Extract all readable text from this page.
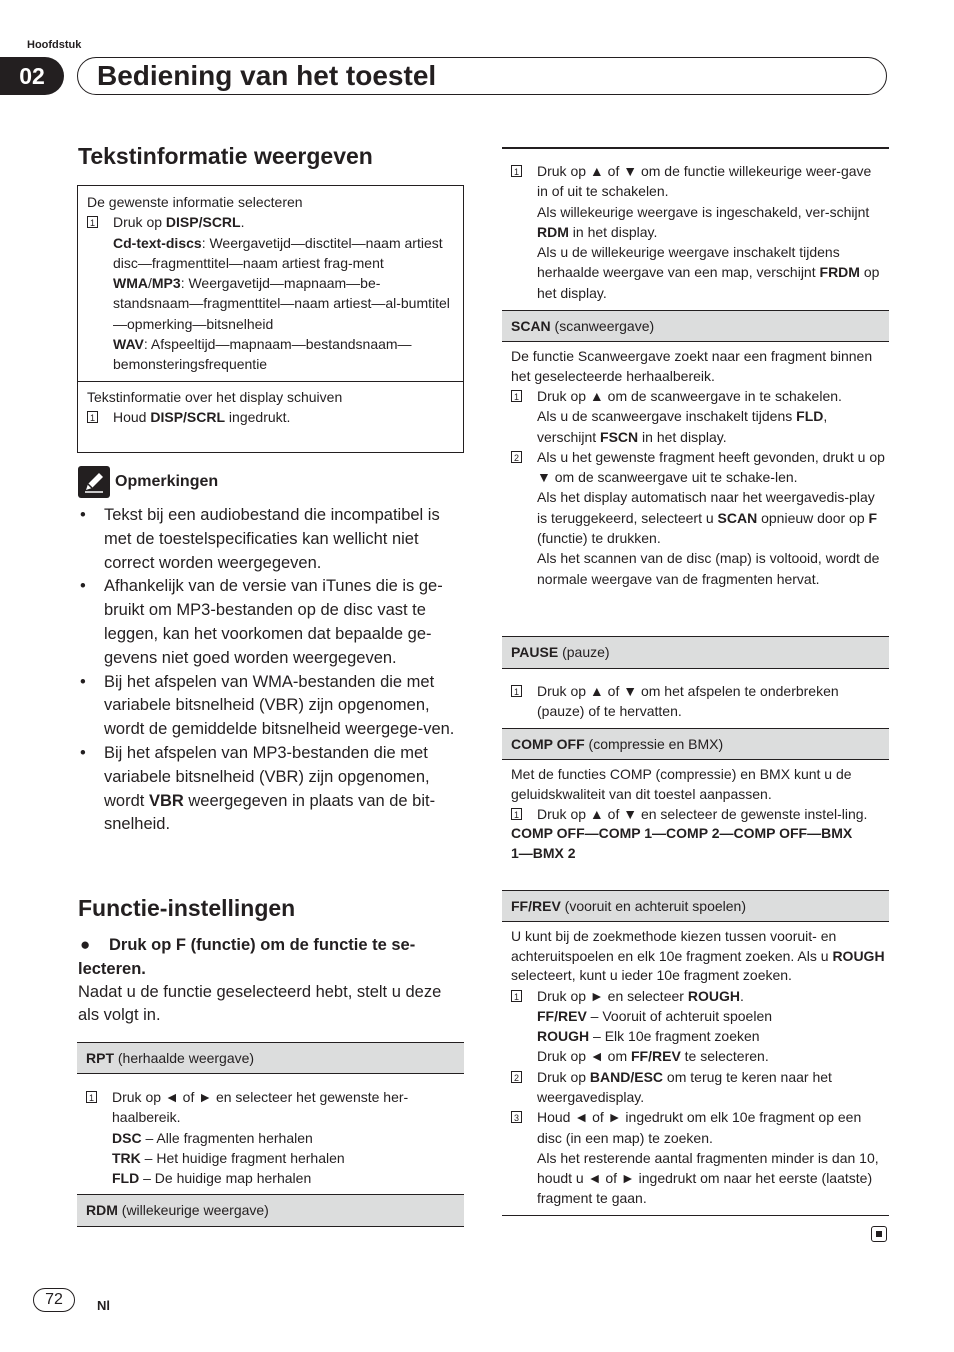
Hoofdstuk
02	Bediening van het toestel
Tekstinformatie weergeven
De gewenste informatie selecteren
1 Druk op DISP/SCRL.
Cd-text-discs: Weergavetijd—disctitel—naam artiest disc—fragmenttitel—naam artiest frag-ment
WMA/MP3: Weergavetijd—mapnaam—be-standsnaam—fragmenttitel—naam artiest—al-bumtitel—opmerking—bitsnelheid
WAV: Afspeeltijd—mapnaam—bestandsnaam—bemonsteringsfrequentie
Tekstinformatie over het display schuiven
1 Houd DISP/SCRL ingedrukt.
Opmerkingen
• Tekst bij een audiobestand die incompatibel is met de toestelspecificaties kan wellicht niet correct worden weergegeven.
• Afhankelijk van de versie van iTunes die is ge-bruikt om MP3-bestanden op de disc vast te leggen, kan het voorkomen dat bepaalde ge-gevens niet goed worden weergegeven.
• Bij het afspelen van WMA-bestanden die met variabele bitsnelheid (VBR) zijn opgenomen, wordt de gemiddelde bitsnelheid weergege-ven.
• Bij het afspelen van MP3-bestanden die met variabele bitsnelheid (VBR) zijn opgenomen, wordt VBR weergegeven in plaats van de bit-snelheid.
Functie-instellingen
●	Druk op F (functie) om de functie te se-lecteren.
Nadat u de functie geselecteerd hebt, stelt u deze als volgt in.
RPT (herhaalde weergave)
1 Druk op ◄ of ► en selecteer het gewenste her-haalbereik.
DSC – Alle fragmenten herhalen
TRK – Het huidige fragment herhalen
FLD – De huidige map herhalen
RDM (willekeurige weergave)
1 Druk op ▲ of ▼ om de functie willekeurige weer-gave in of uit te schakelen.
Als willekeurige weergave is ingeschakeld, ver-schijnt RDM in het display.
Als u de willekeurige weergave inschakelt tijdens herhaalde weergave van een map, verschijnt FRDM op het display.
SCAN (scanweergave)
De functie Scanweergave zoekt naar een fragment binnen het geselecteerde herhaalbereik.
1 Druk op ▲ om de scanweergave in te schakelen.
Als u de scanweergave inschakelt tijdens FLD, verschijnt FSCN in het display.
2 Als u het gewenste fragment heeft gevonden, drukt u op ▼ om de scanweergave uit te schake-len.
Als het display automatisch naar het weergavedis-play is teruggekeerd, selecteert u SCAN opnieuw door op F (functie) te drukken.
Als het scannen van de disc (map) is voltooid, wordt de normale weergave van de fragmenten hervat.
PAUSE (pauze)
1 Druk op ▲ of ▼ om het afspelen te onderbreken (pauze) of te hervatten.
COMP OFF (compressie en BMX)
Met de functies COMP (compressie) en BMX kunt u de geluidskwaliteit van dit toestel aanpassen.
1 Druk op ▲ of ▼ en selecteer de gewenste instel-ling.
COMP OFF—COMP 1—COMP 2—COMP OFF—BMX 1—BMX 2
FF/REV (vooruit en achteruit spoelen)
U kunt bij de zoekmethode kiezen tussen vooruit- en achteruitspoelen en elk 10e fragment zoeken. Als u ROUGH selecteert, kunt u ieder 10e fragment zoeken.
1 Druk op ► en selecteer ROUGH.
FF/REV – Vooruit of achteruit spoelen
ROUGH – Elk 10e fragment zoeken
Druk op ◄ om FF/REV te selecteren.
2 Druk op BAND/ESC om terug te keren naar het weergavedisplay.
3 Houd ◄ of ► ingedrukt om elk 10e fragment op een disc (in een map) te zoeken.
Als het resterende aantal fragmenten minder is dan 10, houdt u ◄ of ► ingedrukt om naar het eerste (laatste) fragment te gaan.
72	Nl
